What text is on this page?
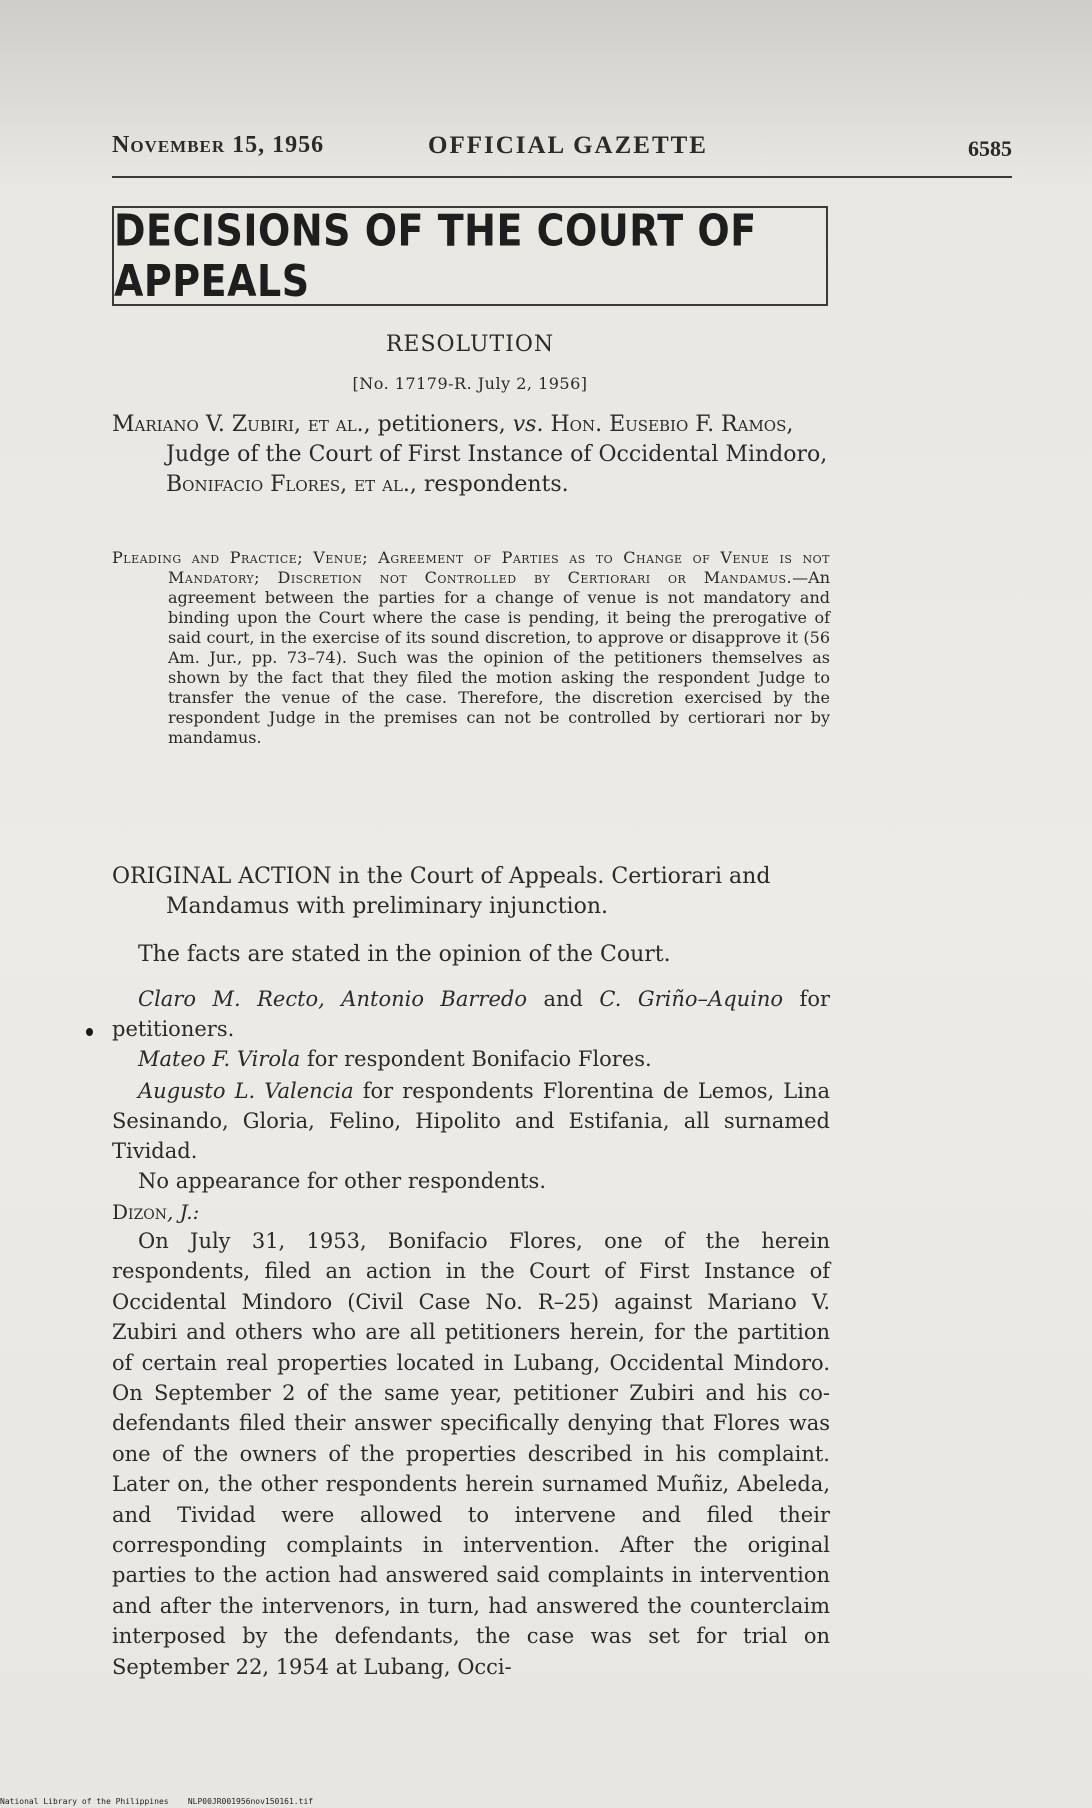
November 15, 1956	OFFICIAL GAZETTE	6585
DECISIONS OF THE COURT OF APPEALS
RESOLUTION
[No. 17179-R. July 2, 1956]
Mariano V. Zubiri, et al., petitioners, vs. Hon. Eusebio F. Ramos, Judge of the Court of First Instance of Occidental Mindoro, Bonifacio Flores, et al., respondents.
Pleading and Practice; Venue; Agreement of Parties as to Change of Venue is not Mandatory; Discretion not Controlled by Certiorari or Mandamus.—An agreement between the parties for a change of venue is not mandatory and binding upon the Court where the case is pending, it being the prerogative of said court, in the exercise of its sound discretion, to approve or disapprove it (56 Am. Jur., pp. 73–74). Such was the opinion of the petitioners themselves as shown by the fact that they filed the motion asking the respondent Judge to transfer the venue of the case. Therefore, the discretion exercised by the respondent Judge in the premises can not be controlled by certiorari nor by mandamus.
ORIGINAL ACTION in the Court of Appeals. Certiorari and Mandamus with preliminary injunction.
The facts are stated in the opinion of the Court.

Claro M. Recto, Antonio Barredo and C. Griño–Aquino for petitioners.

Mateo F. Virola for respondent Bonifacio Flores.

Augusto L. Valencia for respondents Florentina de Lemos, Lina Sesinando, Gloria, Felino, Hipolito and Estifania, all surnamed Tividad.

No appearance for other respondents.

Dizon, J.:
On July 31, 1953, Bonifacio Flores, one of the herein respondents, filed an action in the Court of First Instance of Occidental Mindoro (Civil Case No. R–25) against Mariano V. Zubiri and others who are all petitioners herein, for the partition of certain real properties located in Lubang, Occidental Mindoro. On September 2 of the same year, petitioner Zubiri and his co-defendants filed their answer specifically denying that Flores was one of the owners of the properties described in his complaint. Later on, the other respondents herein surnamed Muñiz, Abeleda, and Tividad were allowed to intervene and filed their corresponding complaints in intervention. After the original parties to the action had answered said complaints in intervention and after the intervenors, in turn, had answered the counterclaim interposed by the defendants, the case was set for trial on September 22, 1954 at Lubang, Occi-
National Library of the Philippines NLP00JR001956nov150161.tif
